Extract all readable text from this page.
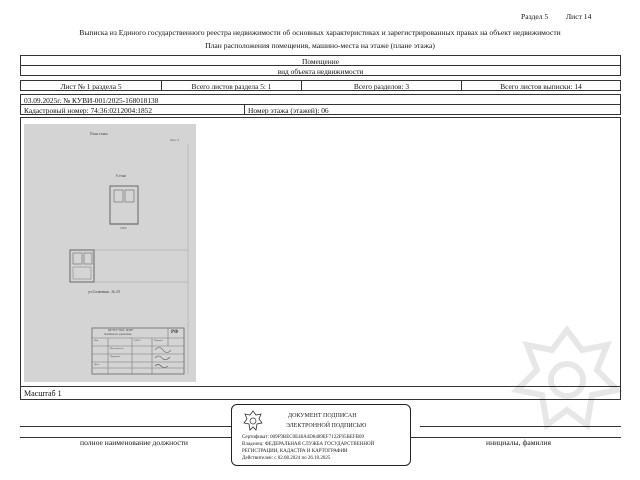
Раздел 5 Лист 14
Выписка из Единого государственного реестра недвижимости об основных характеристиках и зарегистрированных правах на объект недвижимости
План расположения помещения, машино-места на этаже (плане этажа)
Помещение
вид объекта недвижимости
Лист № 1 раздела 5	Всего листов раздела 5: 1	Всего разделов: 3	Всего листов выписки: 14
03.09.2025г. № КУВИ-001/2025-168018138
Кадастровый номер: 74:36:0212004:1852	Номер этажа (этажей): 06
План этажа
Лист 3
6 этаж
1900
ул.Салютная , № 23
ОГУП "Обл. ЦТИ"
Челябинское управление	РФ
Изм.
Исполнитель
Ф.И.О.	Подпись
Проверил
Дата
Масштаб 1
полное наименование должности	инициалы, фамилия
ДОКУМЕНТ ПОДПИСАН
ЭЛЕКТРОННОЙ ПОДПИСЬЮ
Сертификат: 009F9BEC0E48A4D8489EF7122F95BEFB09
Владелец: ФЕДЕРАЛЬНАЯ СЛУЖБА ГОСУДАРСТВЕННОЙ
РЕГИСТРАЦИИ, КАДАСТРА И КАРТОГРАФИИ
Действителен: с 02.08.2024 по 26.10.2025
